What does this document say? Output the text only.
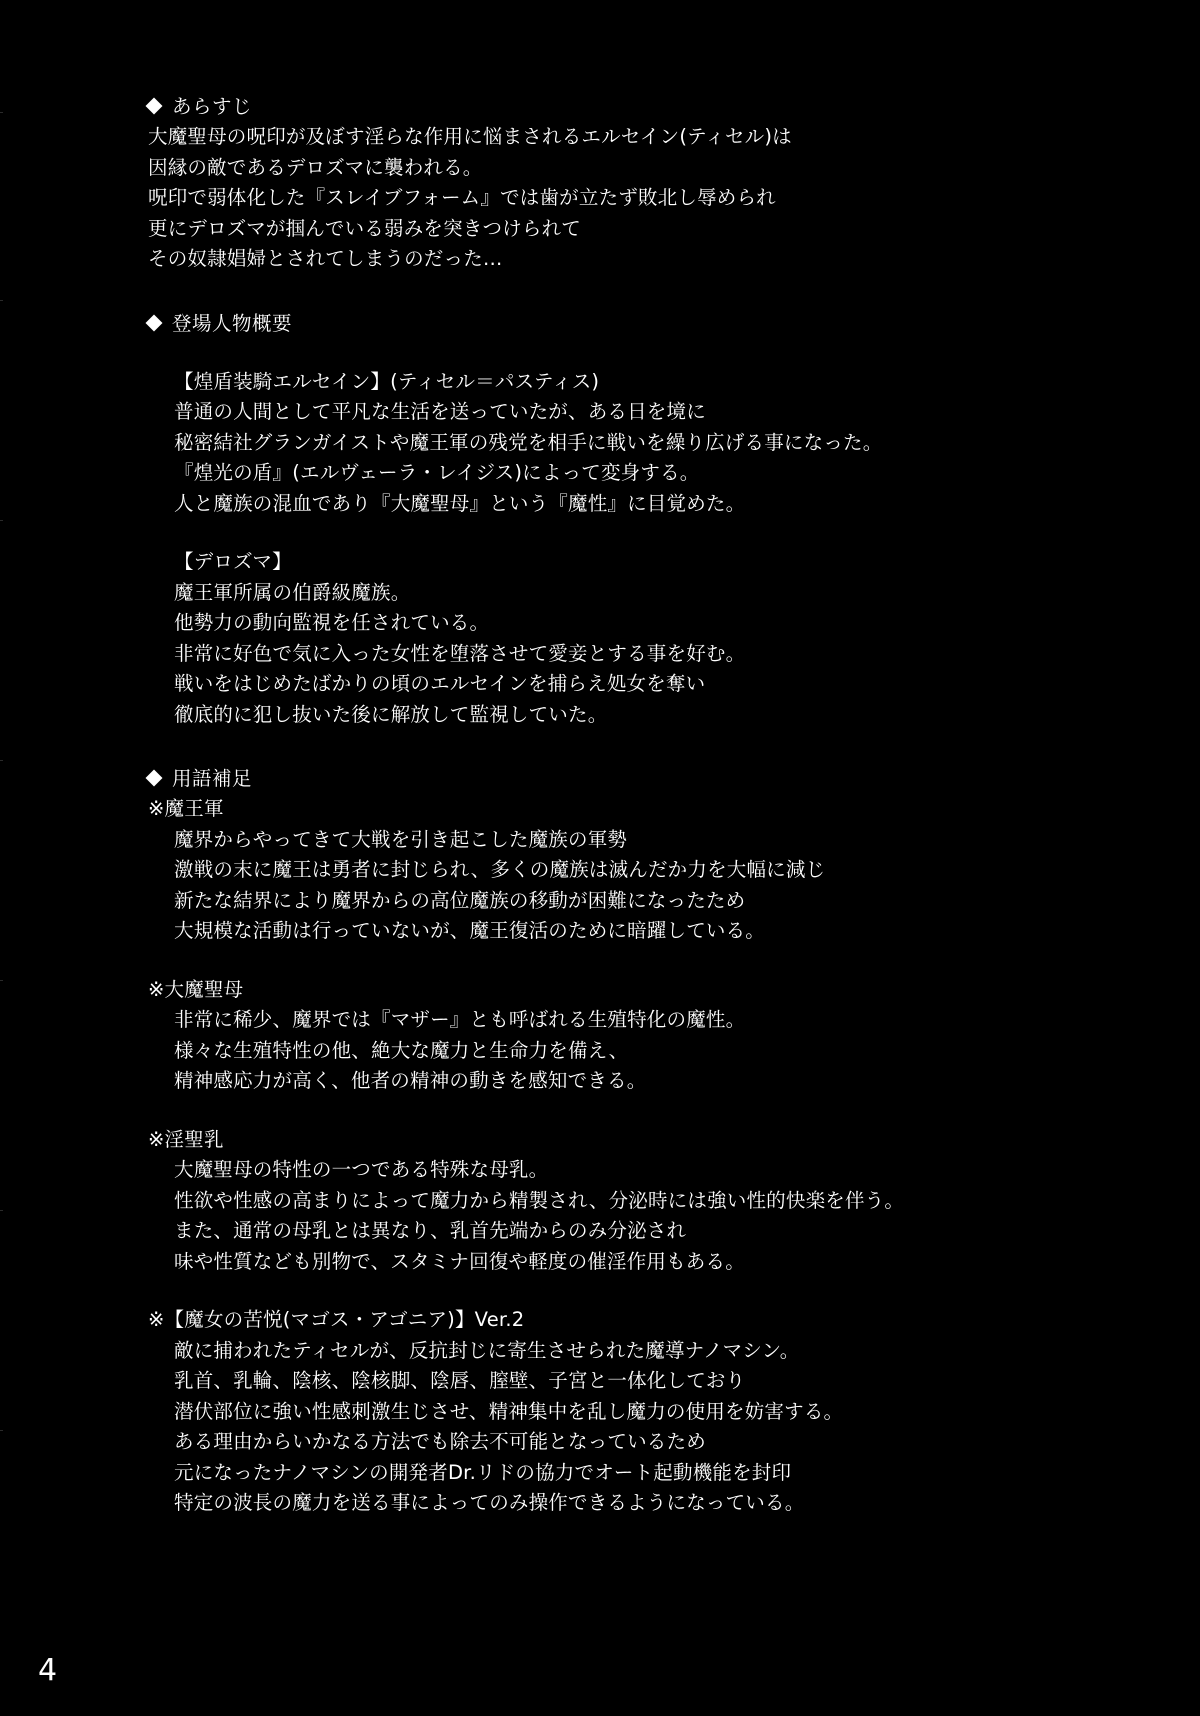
あらすじ
大魔聖母の呪印が及ぼす淫らな作用に悩まされるエルセイン(ティセル)は
因縁の敵であるデロズマに襲われる。
呪印で弱体化した『スレイブフォーム』では歯が立たず敗北し辱められ
更にデロズマが掴んでいる弱みを突きつけられて
その奴隷娼婦とされてしまうのだった…
登場人物概要
【煌盾装騎エルセイン】(ティセル＝パスティス)
普通の人間として平凡な生活を送っていたが、ある日を境に
秘密結社グランガイストや魔王軍の残党を相手に戦いを繰り広げる事になった。
『煌光の盾』(エルヴェーラ・レイジス)によって変身する。
人と魔族の混血であり『大魔聖母』という『魔性』に目覚めた。
【デロズマ】
魔王軍所属の伯爵級魔族。
他勢力の動向監視を任されている。
非常に好色で気に入った女性を堕落させて愛妾とする事を好む。
戦いをはじめたばかりの頃のエルセインを捕らえ処女を奪い
徹底的に犯し抜いた後に解放して監視していた。
用語補足
※魔王軍
魔界からやってきて大戦を引き起こした魔族の軍勢
激戦の末に魔王は勇者に封じられ、多くの魔族は滅んだか力を大幅に減じ
新たな結界により魔界からの高位魔族の移動が困難になったため
大規模な活動は行っていないが、魔王復活のために暗躍している。
※大魔聖母
非常に稀少、魔界では『マザー』とも呼ばれる生殖特化の魔性。
様々な生殖特性の他、絶大な魔力と生命力を備え、
精神感応力が高く、他者の精神の動きを感知できる。
※淫聖乳
大魔聖母の特性の一つである特殊な母乳。
性欲や性感の高まりによって魔力から精製され、分泌時には強い性的快楽を伴う。
また、通常の母乳とは異なり、乳首先端からのみ分泌され
味や性質なども別物で、スタミナ回復や軽度の催淫作用もある。
※【魔女の苦悦(マゴス・アゴニア)】Ver.2
敵に捕われたティセルが、反抗封じに寄生させられた魔導ナノマシン。
乳首、乳輪、陰核、陰核脚、陰唇、膣壁、子宮と一体化しており
潜伏部位に強い性感刺激生じさせ、精神集中を乱し魔力の使用を妨害する。
ある理由からいかなる方法でも除去不可能となっているため
元になったナノマシンの開発者Dr.リドの協力でオート起動機能を封印
特定の波長の魔力を送る事によってのみ操作できるようになっている。
4
